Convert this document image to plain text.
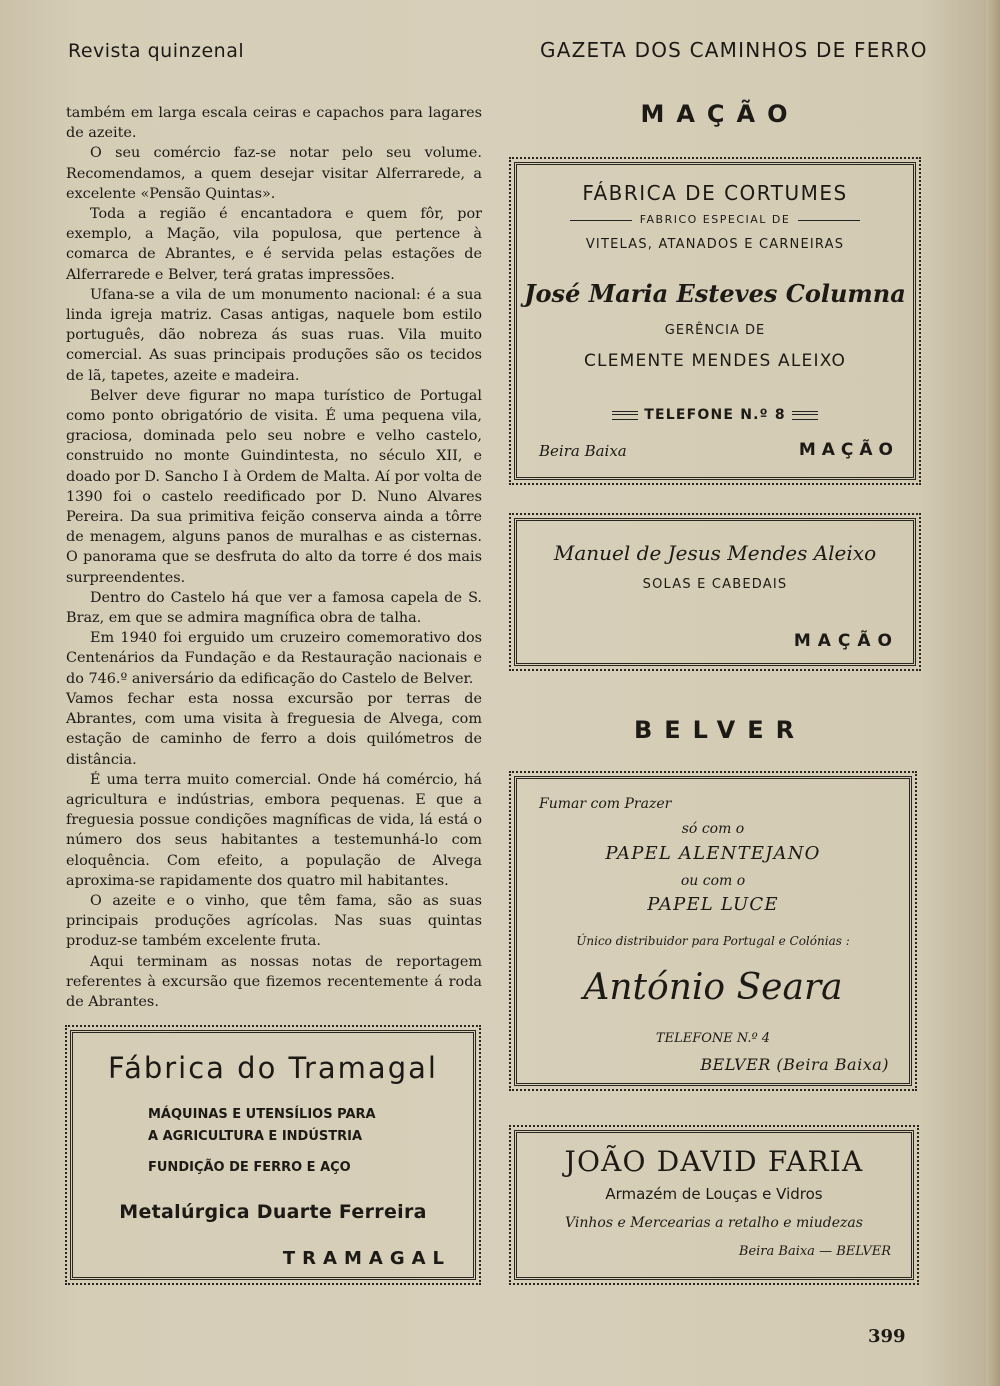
Revista quinzenal	GAZETA DOS CAMINHOS DE FERRO

também em larga escala ceiras e capachos para lagares de azeite.

O seu comércio faz-se notar pelo seu volume. Recomendamos, a quem desejar visitar Alferrarede, a excelente «Pensão Quintas».

Toda a região é encantadora e quem fôr, por exemplo, a Mação, vila populosa, que pertence à comarca de Abrantes, e é servida pelas estações de Alferrarede e Belver, terá gratas impressões.

Ufana-se a vila de um monumento nacional: é a sua linda igreja matriz. Casas antigas, naquele bom estilo português, dão nobreza ás suas ruas. Vila muito comercial. As suas principais produções são os tecidos de lã, tapetes, azeite e madeira.

Belver deve figurar no mapa turístico de Portugal como ponto obrigatório de visita. É uma pequena vila, graciosa, dominada pelo seu nobre e velho castelo, construido no monte Guindintesta, no século XII, e doado por D. Sancho I à Ordem de Malta. Aí por volta de 1390 foi o castelo reedificado por D. Nuno Alvares Pereira. Da sua primitiva feição conserva ainda a tôrre de menagem, alguns panos de muralhas e as cisternas. O panorama que se desfruta do alto da torre é dos mais surpreendentes.

Dentro do Castelo há que ver a famosa capela de S. Braz, em que se admira magnífica obra de talha.

Em 1940 foi erguido um cruzeiro comemorativo dos Centenários da Fundação e da Restauração nacionais e do 746.º aniversário da edificação do Castelo de Belver.

Vamos fechar esta nossa excursão por terras de Abrantes, com uma visita à freguesia de Alvega, com estação de caminho de ferro a dois quilómetros de distância.

É uma terra muito comercial. Onde há comércio, há agricultura e indústrias, embora pequenas. E que a freguesia possue condições magníficas de vida, lá está o número dos seus habitantes a testemunhá-lo com eloquência. Com efeito, a população de Alvega aproxima-se rapidamente dos quatro mil habitantes.

O azeite e o vinho, que têm fama, são as suas principais produções agrícolas. Nas suas quintas produz-se também excelente fruta.

Aqui terminam as nossas notas de reportagem referentes à excursão que fizemos recentemente á roda de Abrantes.

Fábrica do Tramagal
MÁQUINAS E UTENSÍLIOS PARA
A AGRICULTURA E INDÚSTRIA
FUNDIÇÃO DE FERRO E AÇO
Metalúrgica Duarte Ferreira
TRAMAGAL
MAÇÃO
FÁBRICA DE CORTUMES
FABRICO ESPECIAL DE
VITELAS, ATANADOS E CARNEIRAS
José Maria Esteves Columna
GERÊNCIA DE
CLEMENTE MENDES ALEIXO
TELEFONE N.º 8
Beira Baixa	MAÇÃO
Manuel de Jesus Mendes Aleixo
SOLAS E CABEDAIS
MAÇÃO
BELVER
Fumar com Prazer
só com o
PAPEL ALENTEJANO
ou com o
PAPEL LUCE
Único distribuidor para Portugal e Colónias :
António Seara
TELEFONE N.º 4
BELVER (Beira Baixa)
JOÃO DAVID FARIA
Armazém de Louças e Vidros
Vinhos e Mercearias a retalho e miudezas
Beira Baixa — BELVER
399
